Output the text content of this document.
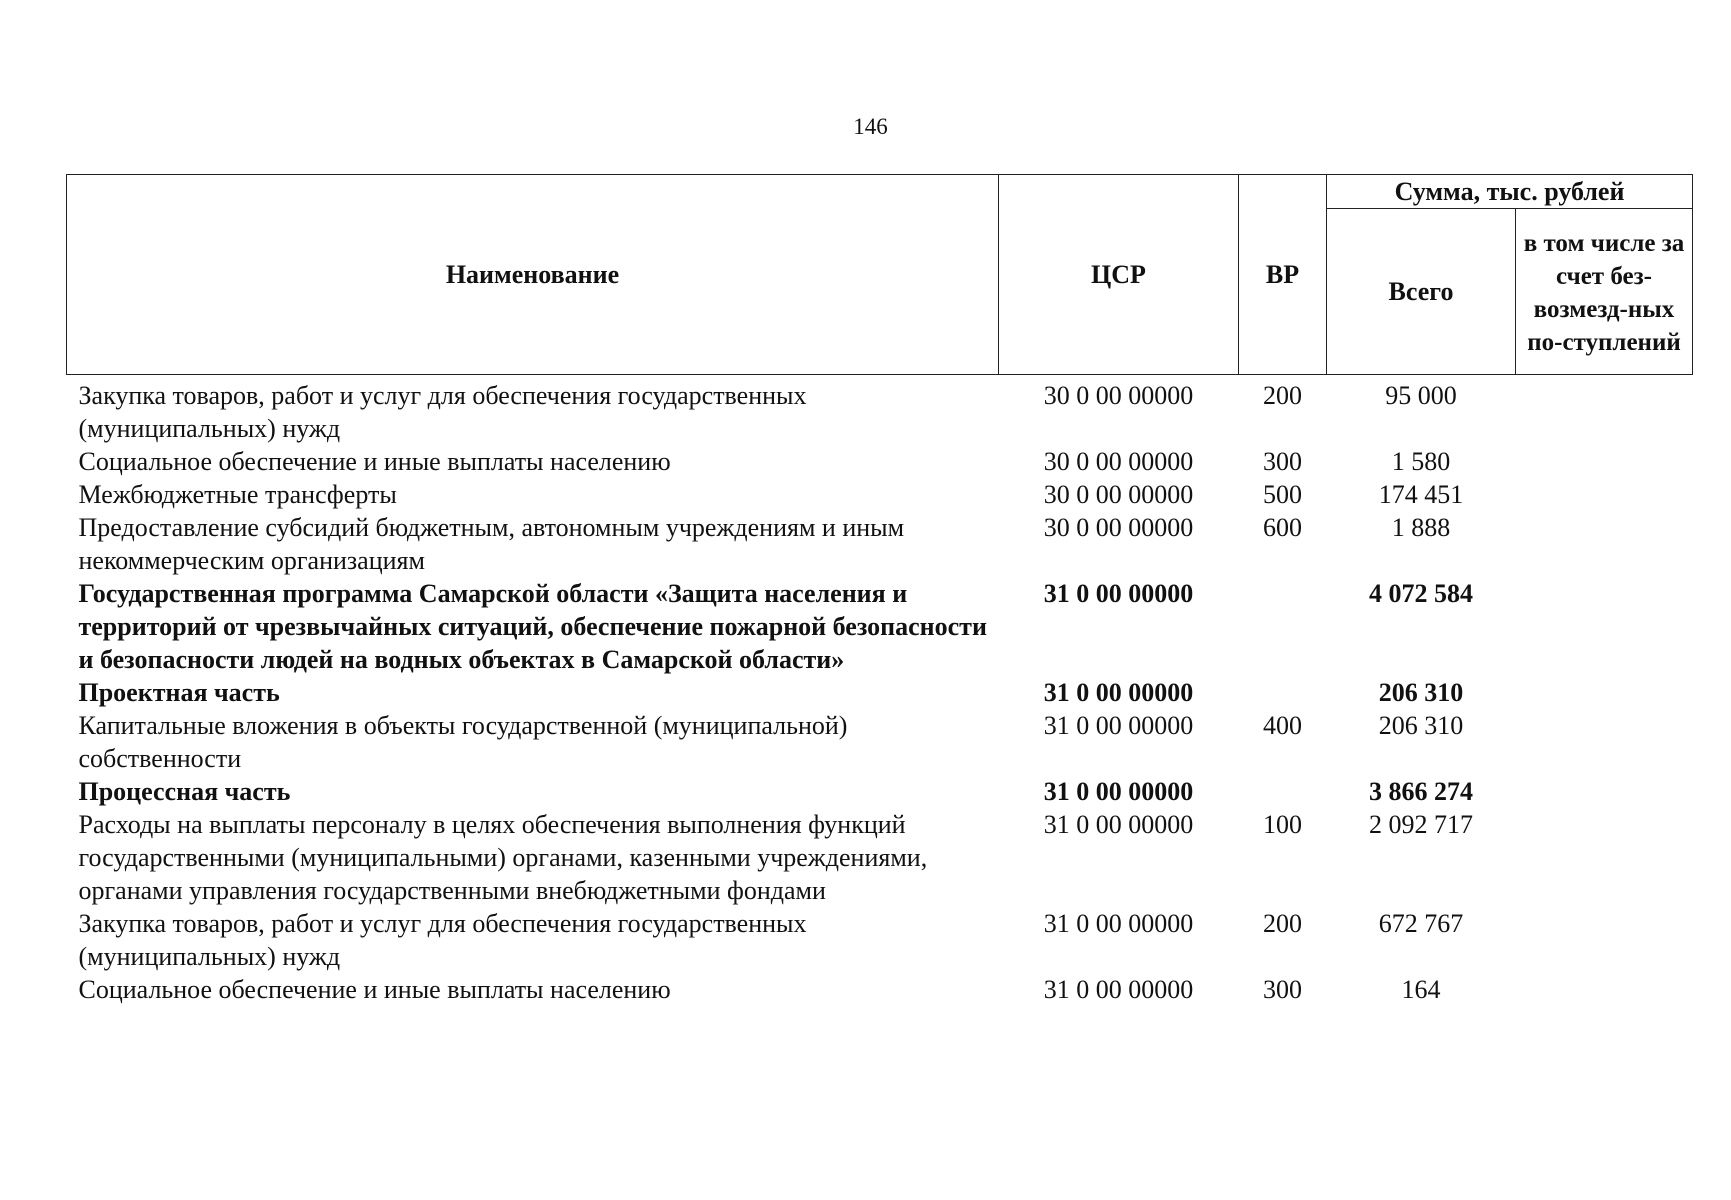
146
Наименование	ЦСР	ВР	Сумма, тыс. рублей	
			Всего	в том числе за счет без-возмезд-ных по-ступлений
Закупка товаров, работ и услуг для обеспечения государственных (муниципальных) нужд	30 0 00 00000	200	95 000	
Социальное обеспечение и иные выплаты населению	30 0 00 00000	300	1 580	
Межбюджетные трансферты	30 0 00 00000	500	174 451	
Предоставление субсидий бюджетным, автономным учреждениям и иным некоммерческим организациям	30 0 00 00000	600	1 888	
Государственная программа Самарской области «Защита населения и территорий от чрезвычайных ситуаций, обеспечение пожарной безопасности и безопасности людей на водных объектах в Самарской области»	31 0 00 00000		4 072 584	
Проектная часть	31 0 00 00000		206 310	
Капитальные вложения в объекты государственной (муниципальной) собственности	31 0 00 00000	400	206 310	
Процессная часть	31 0 00 00000		3 866 274	
Расходы на выплаты персоналу в целях обеспечения выполнения функций государственными (муниципальными) органами, казенными учреждениями, органами управления государственными внебюджетными фондами	31 0 00 00000	100	2 092 717	
Закупка товаров, работ и услуг для обеспечения государственных (муниципальных) нужд	31 0 00 00000	200	672 767	
Социальное обеспечение и иные выплаты населению	31 0 00 00000	300	164	
